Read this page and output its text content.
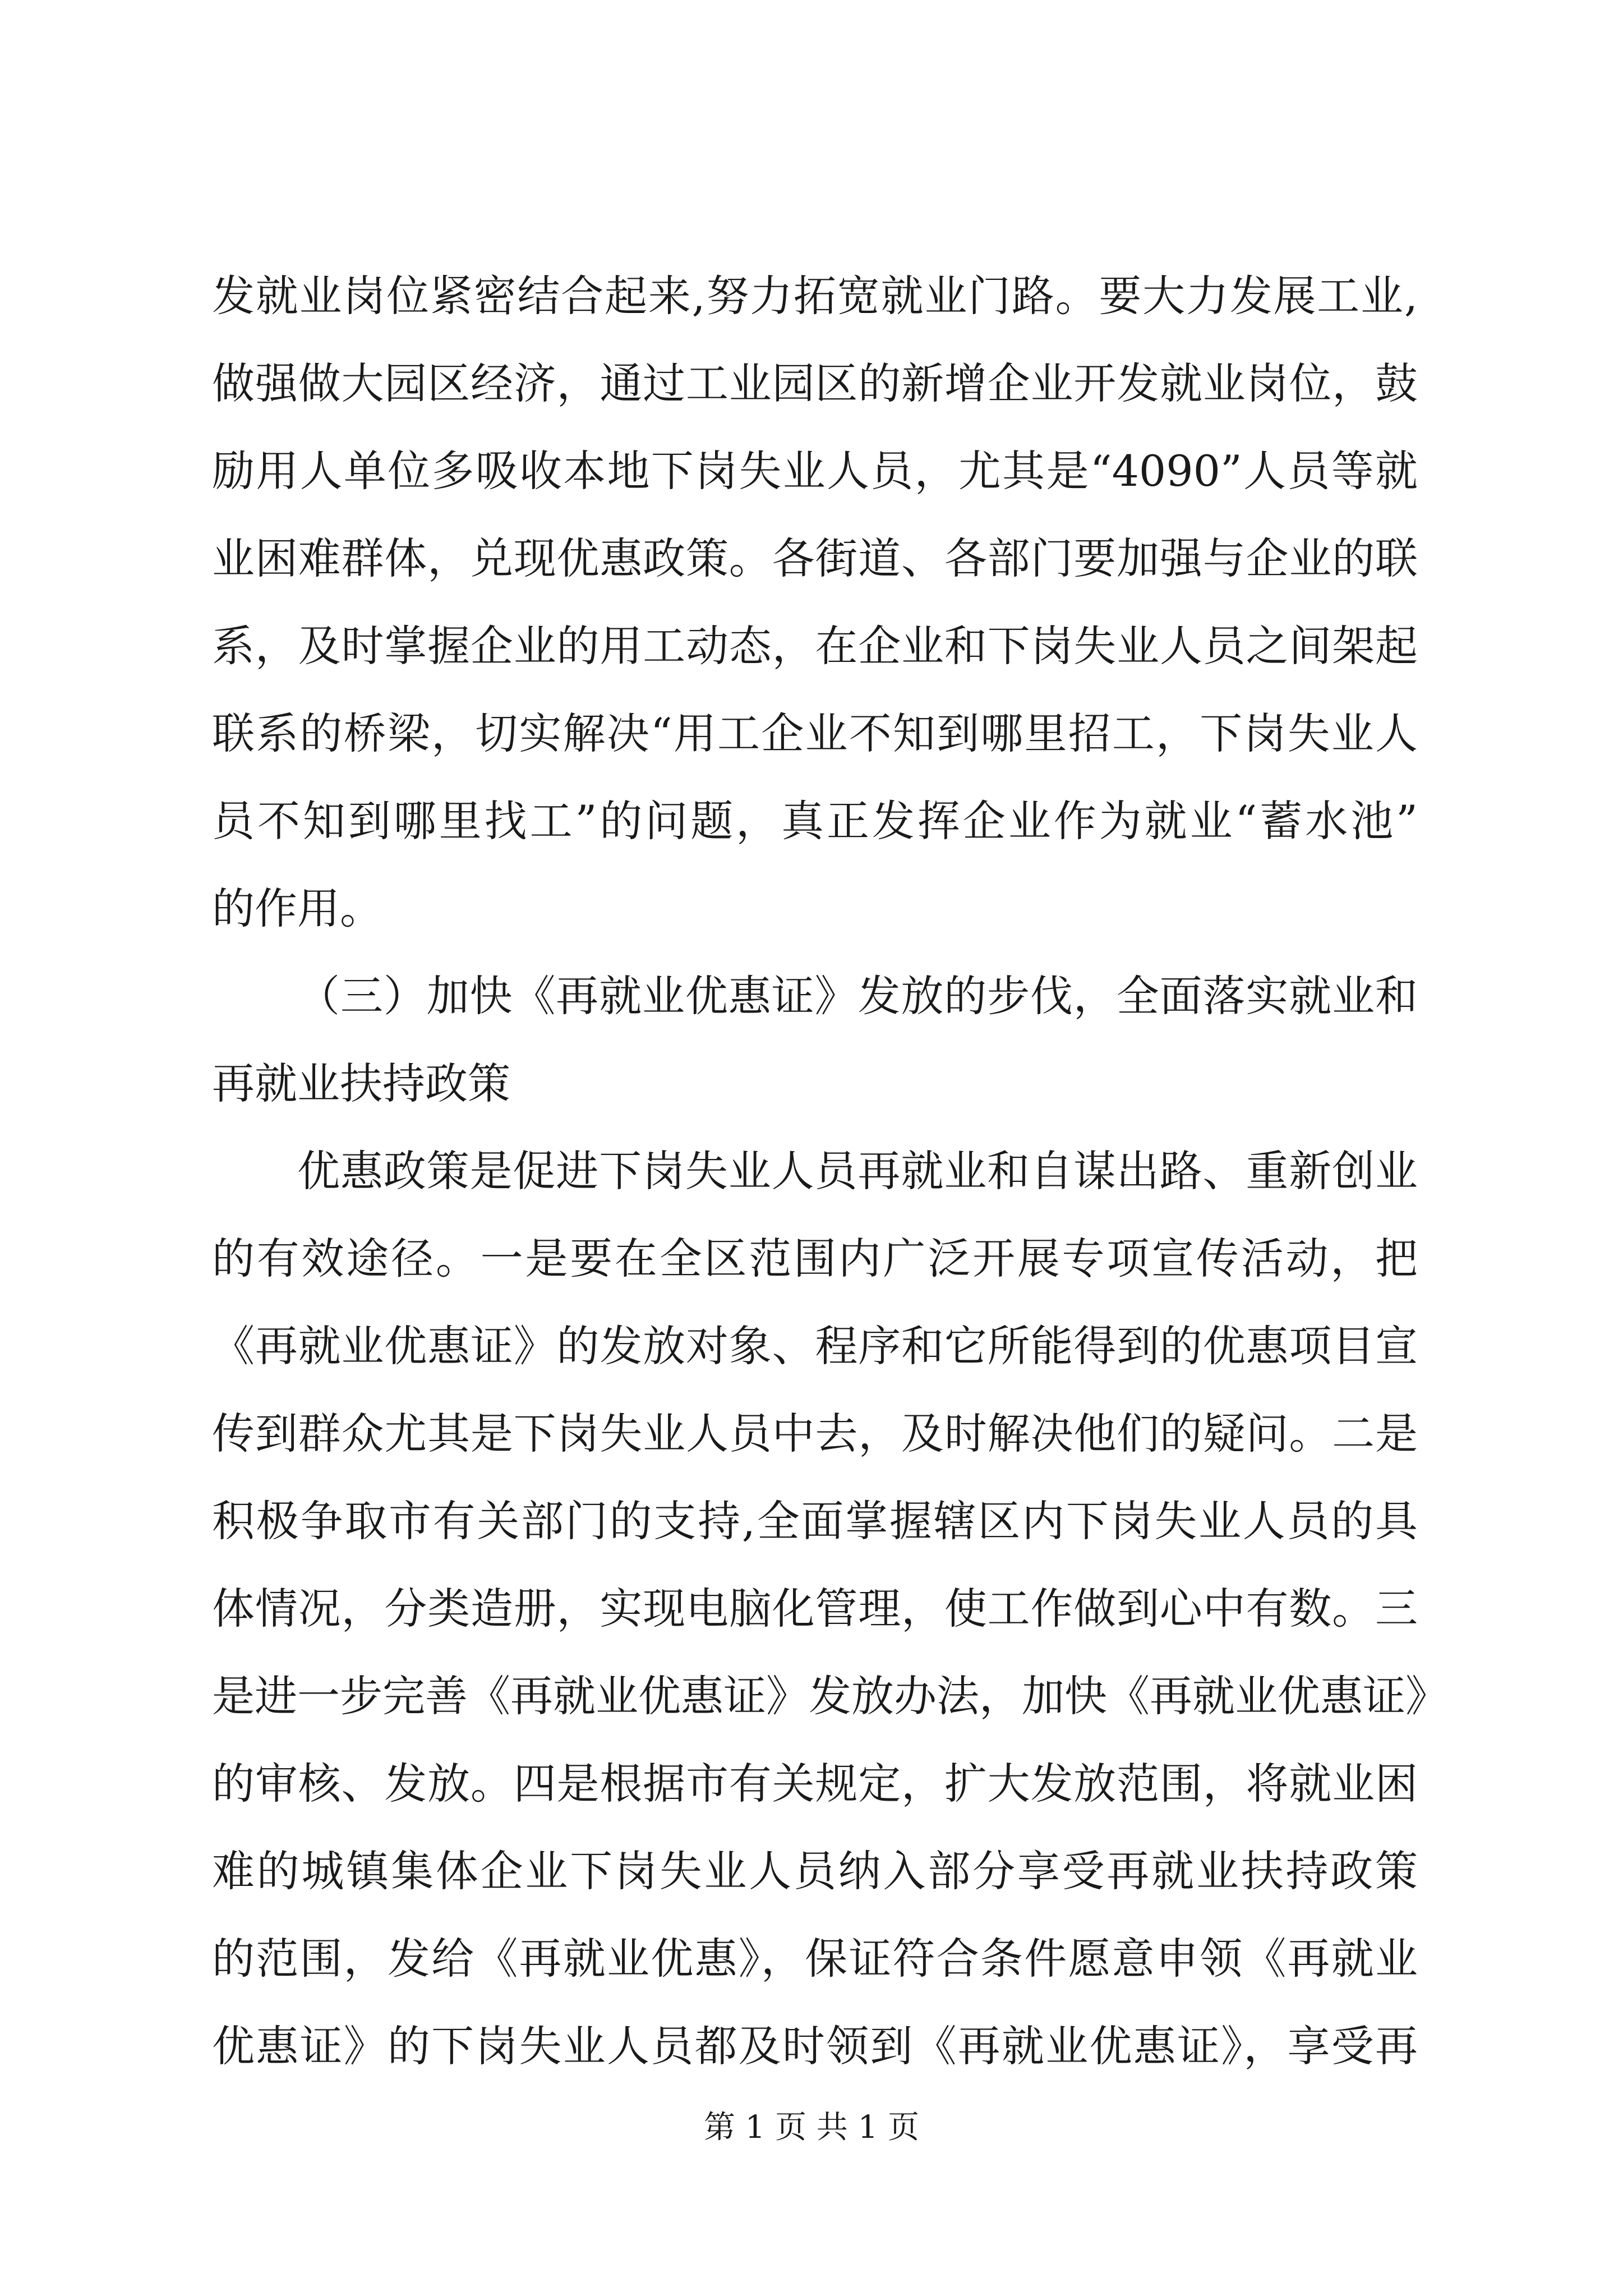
发就业岗位紧密结合起来,努力拓宽就业门路。要大力发展工业,
做强做大园区经济，通过工业园区的新增企业开发就业岗位，鼓
励用人单位多吸收本地下岗失业人员，尤其是“4090”人员等就
业困难群体，兑现优惠政策。各街道、各部门要加强与企业的联
系，及时掌握企业的用工动态，在企业和下岗失业人员之间架起
联系的桥梁，切实解决“用工企业不知到哪里招工，下岗失业人
员不知到哪里找工”的问题，真正发挥企业作为就业“蓄水池”
的作用。
（三）加快《再就业优惠证》发放的步伐，全面落实就业和
再就业扶持政策
优惠政策是促进下岗失业人员再就业和自谋出路、重新创业
的有效途径。一是要在全区范围内广泛开展专项宣传活动，把
《再就业优惠证》的发放对象、程序和它所能得到的优惠项目宣
传到群众尤其是下岗失业人员中去，及时解决他们的疑问。二是
积极争取市有关部门的支持,全面掌握辖区内下岗失业人员的具
体情况，分类造册，实现电脑化管理，使工作做到心中有数。三
是进一步完善《再就业优惠证》发放办法，加快《再就业优惠证》
的审核、发放。四是根据市有关规定，扩大发放范围，将就业困
难的城镇集体企业下岗失业人员纳入部分享受再就业扶持政策
的范围，发给《再就业优惠》，保证符合条件愿意申领《再就业
优惠证》的下岗失业人员都及时领到《再就业优惠证》，享受再
第 1 页 共 1 页
